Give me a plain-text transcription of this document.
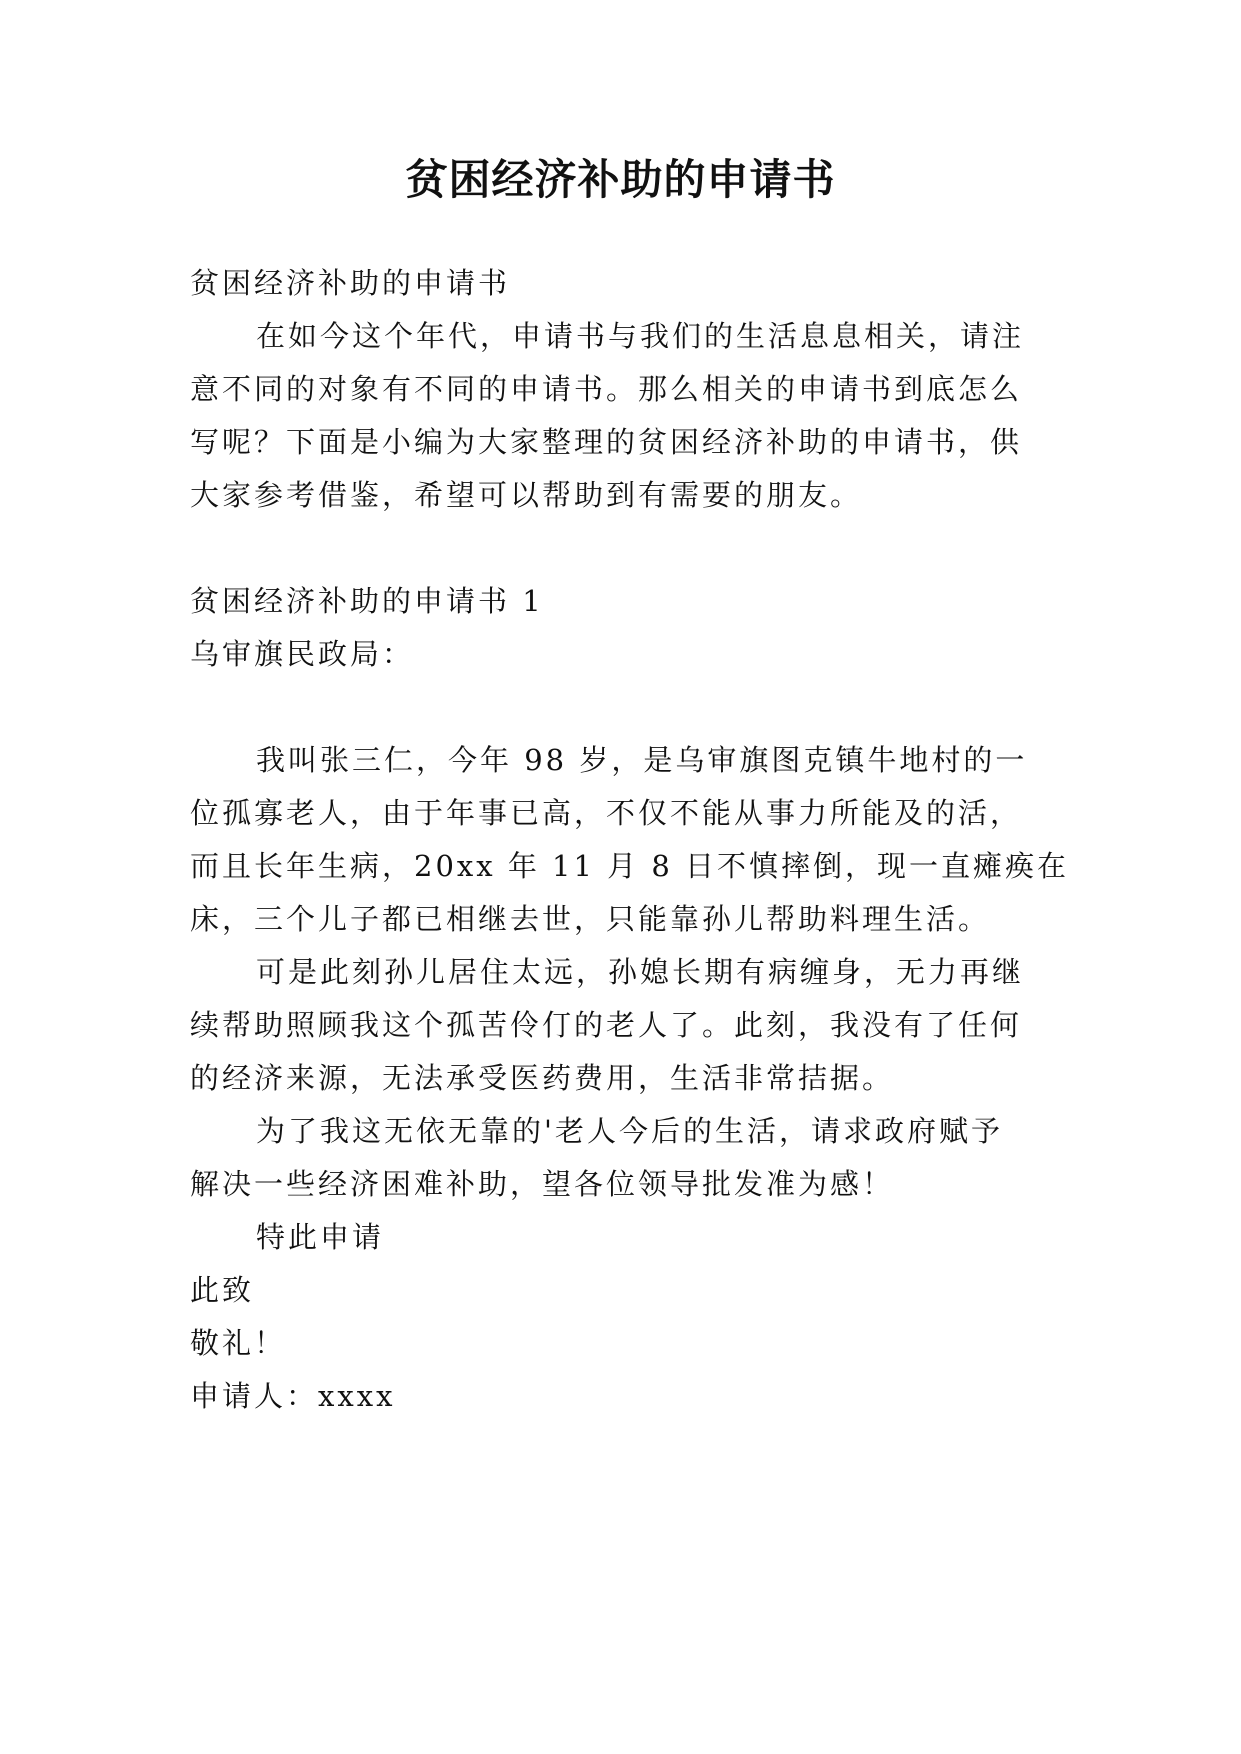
贫困经济补助的申请书

贫困经济补助的申请书

在如今这个年代，申请书与我们的生活息息相关，请注

意不同的对象有不同的申请书。那么相关的申请书到底怎么

写呢？下面是小编为大家整理的贫困经济补助的申请书，供

大家参考借鉴，希望可以帮助到有需要的朋友。

贫困经济补助的申请书 1

乌审旗民政局：

我叫张三仁，今年 98 岁，是乌审旗图克镇牛地村的一

位孤寡老人，由于年事已高，不仅不能从事力所能及的活，

而且长年生病，20xx 年 11 月 8 日不慎摔倒，现一直瘫痪在

床，三个儿子都已相继去世，只能靠孙儿帮助料理生活。

可是此刻孙儿居住太远，孙媳长期有病缠身，无力再继

续帮助照顾我这个孤苦伶仃的老人了。此刻，我没有了任何

的经济来源，无法承受医药费用，生活非常拮据。

为了我这无依无靠的'老人今后的生活，请求政府赋予

解决一些经济困难补助，望各位领导批发准为感！

特此申请

此致

敬礼！

申请人：xxxx
